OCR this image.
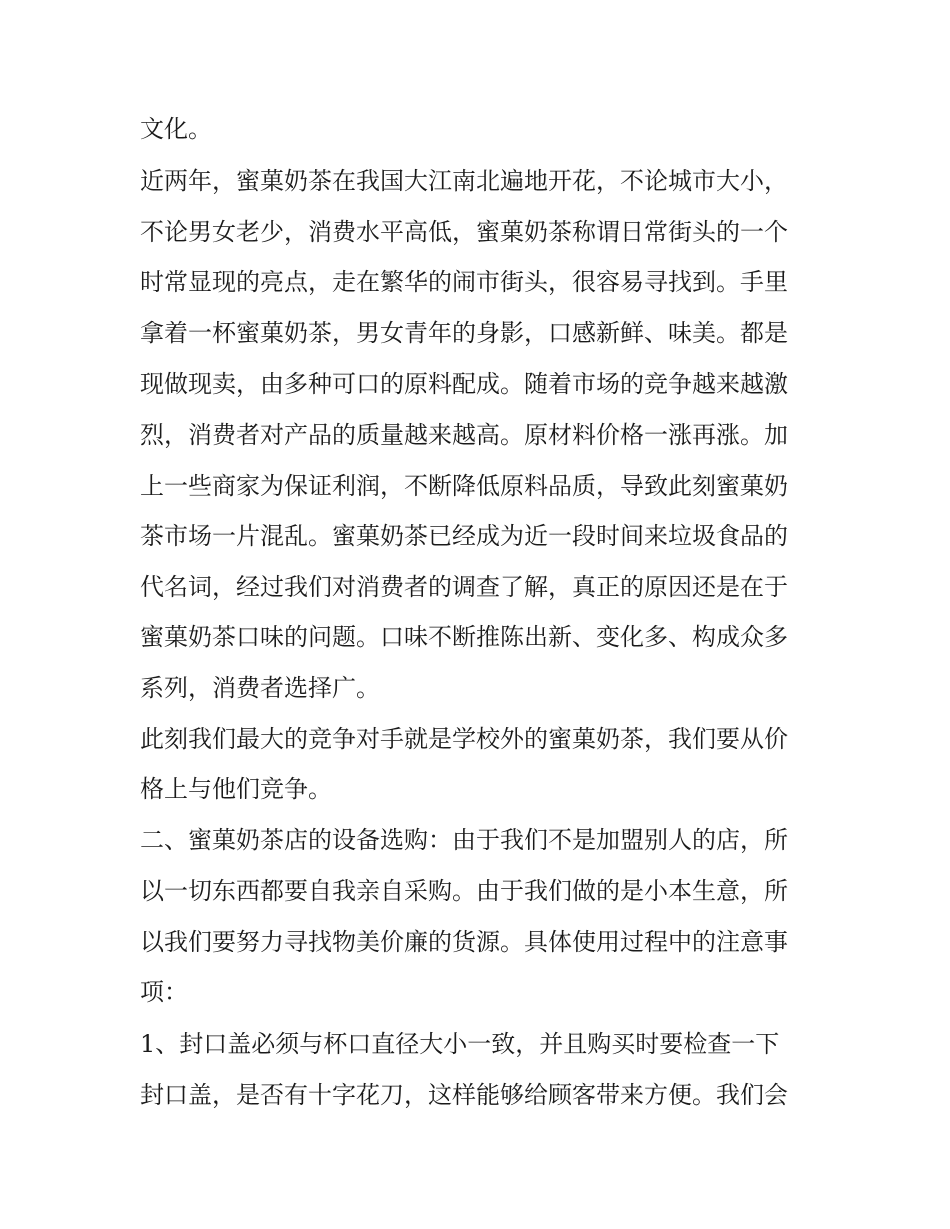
文化。
近两年，蜜菓奶茶在我国大江南北遍地开花，不论城市大小，
不论男女老少，消费水平高低，蜜菓奶茶称谓日常街头的一个
时常显现的亮点，走在繁华的闹市街头，很容易寻找到。手里
拿着一杯蜜菓奶茶，男女青年的身影，口感新鲜、味美。都是
现做现卖，由多种可口的原料配成。随着市场的竞争越来越激
烈，消费者对产品的质量越来越高。原材料价格一涨再涨。加
上一些商家为保证利润，不断降低原料品质，导致此刻蜜菓奶
茶市场一片混乱。蜜菓奶茶已经成为近一段时间来垃圾食品的
代名词，经过我们对消费者的调查了解，真正的原因还是在于
蜜菓奶茶口味的问题。口味不断推陈出新、变化多、构成众多
系列，消费者选择广。
此刻我们最大的竞争对手就是学校外的蜜菓奶茶，我们要从价
格上与他们竞争。
二、蜜菓奶茶店的设备选购：由于我们不是加盟别人的店，所
以一切东西都要自我亲自采购。由于我们做的是小本生意，所
以我们要努力寻找物美价廉的货源。具体使用过程中的注意事
项：
1、封口盖必须与杯口直径大小一致，并且购买时要检查一下
封口盖，是否有十字花刀，这样能够给顾客带来方便。我们会
